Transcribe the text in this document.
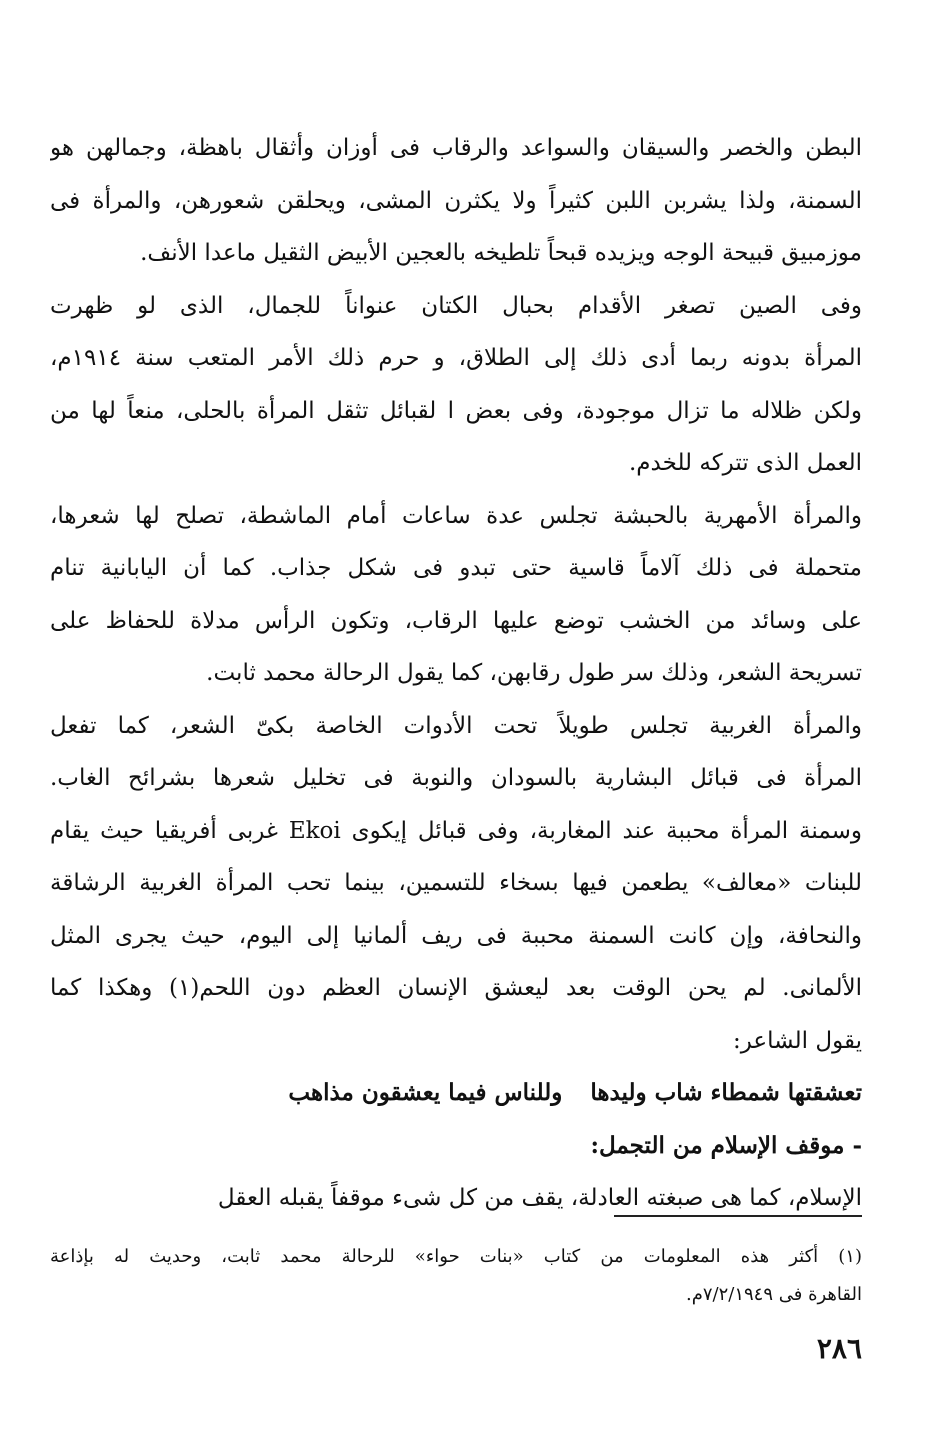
البطن والخصر والسيقان والسواعد والرقاب فى أوزان وأثقال باهظة، وجمالهن هو
السمنة، ولذا يشربن اللبن كثيراً ولا يكثرن المشى، ويحلقن شعورهن، والمرأة فى
موزمبيق قبيحة الوجه ويزيده قبحاً تلطيخه بالعجين الأبيض الثقيل ماعدا الأنف.
وفى الصين تصغر الأقدام بحبال الكتان عنواناً للجمال، الذى لو ظهرت
المرأة بدونه ربما أدى ذلك إلى الطلاق، و حرم ذلك الأمر المتعب سنة ١٩١٤م،
ولكن ظلاله ما تزال موجودة، وفى بعض ا لقبائل تثقل المرأة بالحلى، منعاً لها من
العمل الذى تتركه للخدم.
والمرأة الأمهرية بالحبشة تجلس عدة ساعات أمام الماشطة، تصلح لها شعرها،
متحملة فى ذلك آلاماً قاسية حتى تبدو فى شكل جذاب. كما أن اليابانية تنام
على وسائد من الخشب توضع عليها الرقاب، وتكون الرأس مدلاة للحفاظ على
تسريحة الشعر، وذلك سر طول رقابهن، كما يقول الرحالة محمد ثابت.
والمرأة الغربية تجلس طويلاً تحت الأدوات الخاصة بكىّ الشعر، كما تفعل
المرأة فى قبائل البشارية بالسودان والنوبة فى تخليل شعرها بشرائح الغاب.
وسمنة المرأة محببة عند المغاربة، وفى قبائل إيكوى Ekoi غربى أفريقيا حيث يقام
للبنات «معالف» يطعمن فيها بسخاء للتسمين، بينما تحب المرأة الغربية الرشاقة
والنحافة، وإن كانت السمنة محببة فى ريف ألمانيا إلى اليوم، حيث يجرى المثل
الألمانى. لم يحن الوقت بعد ليعشق الإنسان العظم دون اللحم(١) وهكذا كما
يقول الشاعر:
تعشقتها شمطاء شاب وليدهاوللناس فيما يعشقون مذاهب
- موقف الإسلام من التجمل:
الإسلام، كما هى صبغته العادلة، يقف من كل شىء موقفاً يقبله العقل
(١) أكثر هذه المعلومات من كتاب «بنات حواء» للرحالة محمد ثابت، وحديث له بإذاعة
القاهرة فى ٧/٢/١٩٤٩م.
٢٨٦
